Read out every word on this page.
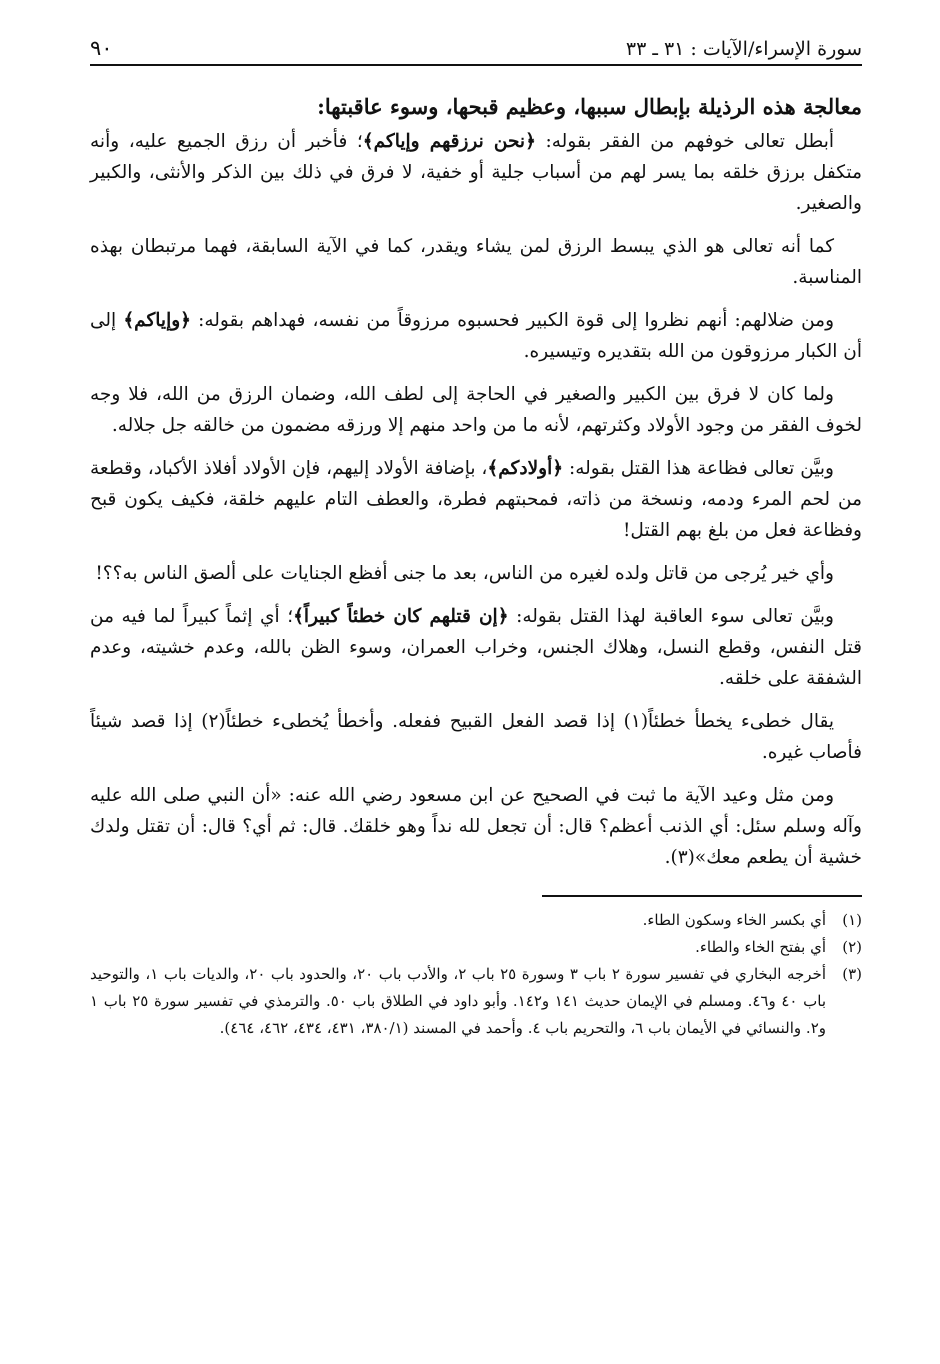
سورة الإسراء/الآيات : ٣١ ـ ٣٣
٩٠
معالجة هذه الرذيلة بإبطال سببها، وعظيم قبحها، وسوء عاقبتها:
أبطل تعالى خوفهم من الفقر بقوله: ﴿نحن نرزقهم وإياكم﴾؛ فأخبر أن رزق الجميع عليه، وأنه متكفل برزق خلقه بما يسر لهم من أسباب جلية أو خفية، لا فرق في ذلك بين الذكر والأنثى، والكبير والصغير.
كما أنه تعالى هو الذي يبسط الرزق لمن يشاء ويقدر، كما في الآية السابقة، فهما مرتبطان بهذه المناسبة.
ومن ضلالهم: أنهم نظروا إلى قوة الكبير فحسبوه مرزوقاً من نفسه، فهداهم بقوله: ﴿وإياكم﴾ إلى أن الكبار مرزوقون من الله بتقديره وتيسيره.
ولما كان لا فرق بين الكبير والصغير في الحاجة إلى لطف الله، وضمان الرزق من الله، فلا وجه لخوف الفقر من وجود الأولاد وكثرتهم، لأنه ما من واحد منهم إلا ورزقه مضمون من خالقه جل جلاله.
وبيَّن تعالى فظاعة هذا القتل بقوله: ﴿أولادكم﴾، بإضافة الأولاد إليهم، فإن الأولاد أفلاذ الأكباد، وقطعة من لحم المرء ودمه، ونسخة من ذاته، فمحبتهم فطرة، والعطف التام عليهم خلقة، فكيف يكون قبح وفظاعة فعل من بلغ بهم القتل!
وأي خير يُرجى من قاتل ولده لغيره من الناس، بعد ما جنى أفظع الجنايات على ألصق الناس به؟؟!
وبيَّن تعالى سوء العاقبة لهذا القتل بقوله: ﴿إن قتلهم كان خطئاً كبيراً﴾؛ أي إثماً كبيراً لما فيه من قتل النفس، وقطع النسل، وهلاك الجنس، وخراب العمران، وسوء الظن بالله، وعدم خشيته، وعدم الشفقة على خلقه.
يقال خطىء يخطأ خطئاً(١) إذا قصد الفعل القبيح ففعله. وأخطأ يُخطىء خطئاً(٢) إذا قصد شيئاً فأصاب غيره.
ومن مثل وعيد الآية ما ثبت في الصحيح عن ابن مسعود رضي الله عنه: «أن النبي صلى الله عليه وآله وسلم سئل: أي الذنب أعظم؟ قال: أن تجعل لله نداً وهو خلقك. قال: ثم أي؟ قال: أن تقتل ولدك خشية أن يطعم معك»(٣).
(١)
أي بكسر الخاء وسكون الطاء.
(٢)
أي بفتح الخاء والطاء.
(٣)
أخرجه البخاري في تفسير سورة ٢ باب ٣ وسورة ٢٥ باب ٢، والأدب باب ٢٠، والحدود باب ٢٠، والديات باب ١، والتوحيد باب ٤٠ و٤٦. ومسلم في الإيمان حديث ١٤١ و١٤٢. وأبو داود في الطلاق باب ٥٠. والترمذي في تفسير سورة ٢٥ باب ١ و٢. والنسائي في الأيمان باب ٦، والتحريم باب ٤. وأحمد في المسند (٣٨٠/١، ٤٣١، ٤٣٤، ٤٦٢، ٤٦٤).
